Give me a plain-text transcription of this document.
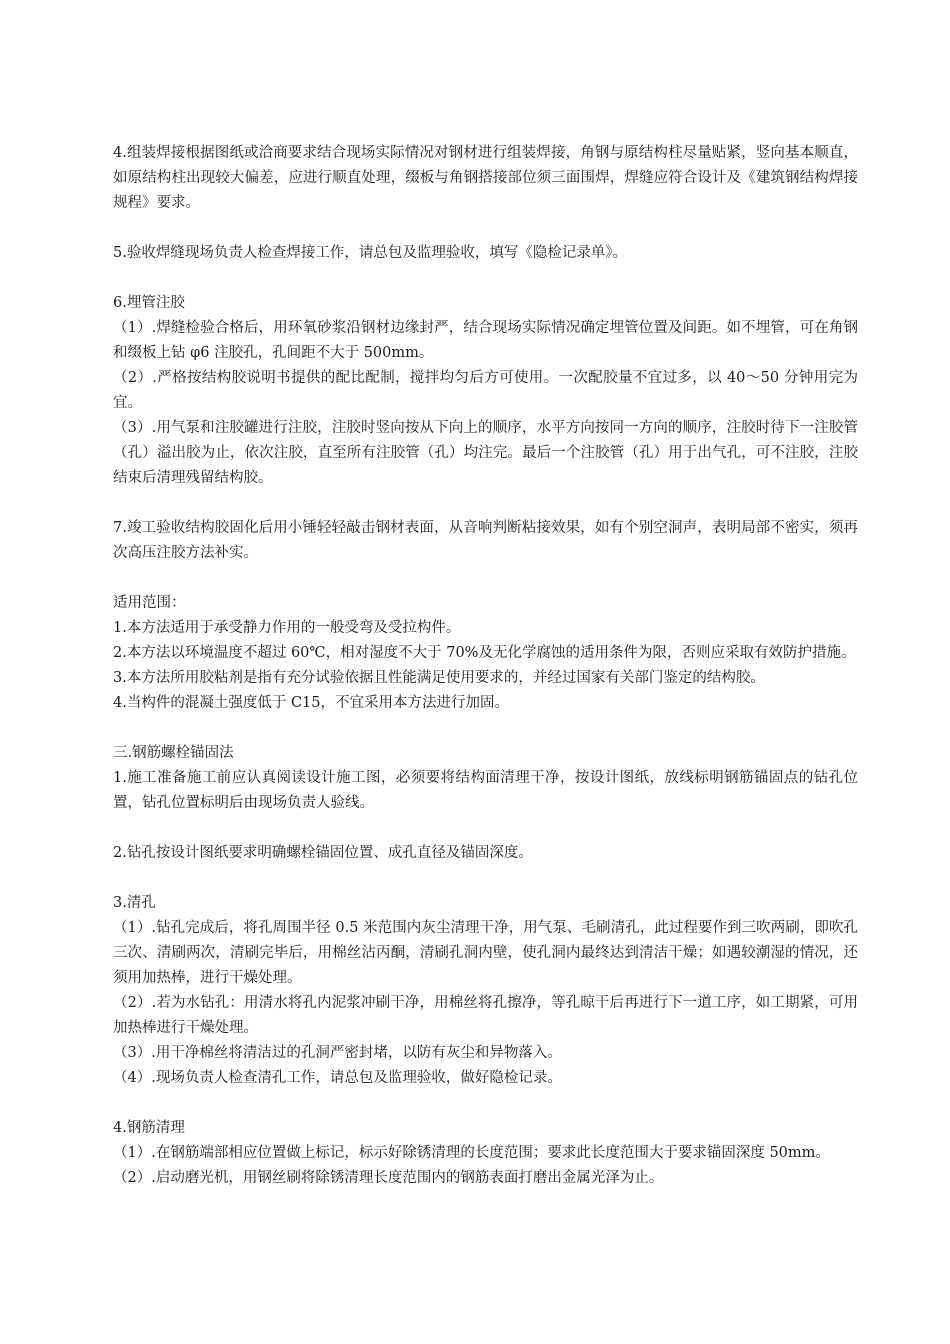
4.组装焊接根据图纸或洽商要求结合现场实际情况对钢材进行组装焊接，角钢与原结构柱尽量贴紧，竖向基本顺直，如原结构柱出现较大偏差，应进行顺直处理，缀板与角钢搭接部位须三面围焊，焊缝应符合设计及《建筑钢结构焊接规程》要求。
5.验收焊缝现场负责人检查焊接工作，请总包及监理验收，填写《隐检记录单》。
6.埋管注胶
（1）.焊缝检验合格后，用环氧砂浆沿钢材边缘封严，结合现场实际情况确定埋管位置及间距。如不埋管，可在角钢和缀板上钻 φ6 注胶孔，孔间距不大于 500mm。
（2）.严格按结构胶说明书提供的配比配制，搅拌均匀后方可使用。一次配胶量不宜过多，以 40～50 分钟用完为宜。
（3）.用气泵和注胶罐进行注胶，注胶时竖向按从下向上的顺序，水平方向按同一方向的顺序，注胶时待下一注胶管（孔）溢出胶为止，依次注胶，直至所有注胶管（孔）均注完。最后一个注胶管（孔）用于出气孔，可不注胶，注胶结束后清理残留结构胶。
7.竣工验收结构胶固化后用小锤轻轻敲击钢材表面，从音响判断粘接效果，如有个别空洞声，表明局部不密实，须再次高压注胶方法补实。
适用范围：
1.本方法适用于承受静力作用的一般受弯及受拉构件。
2.本方法以环境温度不超过 60℃，相对湿度不大于 70%及无化学腐蚀的适用条件为限，否则应采取有效防护措施。
3.本方法所用胶粘剂是指有充分试验依据且性能满足使用要求的，并经过国家有关部门鉴定的结构胶。
4.当构件的混凝土强度低于 C15，不宜采用本方法进行加固。
三.钢筋螺栓锚固法
1.施工准备施工前应认真阅读设计施工图，必须要将结构面清理干净，按设计图纸，放线标明钢筋锚固点的钻孔位置，钻孔位置标明后由现场负责人验线。
2.钻孔按设计图纸要求明确螺栓锚固位置、成孔直径及锚固深度。
3.清孔
（1）.钻孔完成后，将孔周围半径 0.5 米范围内灰尘清理干净，用气泵、毛刷清孔，此过程要作到三吹两刷，即吹孔三次、清刷两次，清刷完毕后，用棉丝沾丙酮，清刷孔洞内壁，使孔洞内最终达到清洁干燥；如遇较潮湿的情况，还须用加热棒，进行干燥处理。
（2）.若为水钻孔：用清水将孔内泥浆冲刷干净，用棉丝将孔擦净，等孔晾干后再进行下一道工序，如工期紧，可用加热棒进行干燥处理。
（3）.用干净棉丝将清洁过的孔洞严密封堵，以防有灰尘和异物落入。
（4）.现场负责人检查清孔工作，请总包及监理验收，做好隐检记录。
4.钢筋清理
（1）.在钢筋端部相应位置做上标记，标示好除锈清理的长度范围；要求此长度范围大于要求锚固深度 50mm。
（2）.启动磨光机，用钢丝刷将除锈清理长度范围内的钢筋表面打磨出金属光泽为止。
